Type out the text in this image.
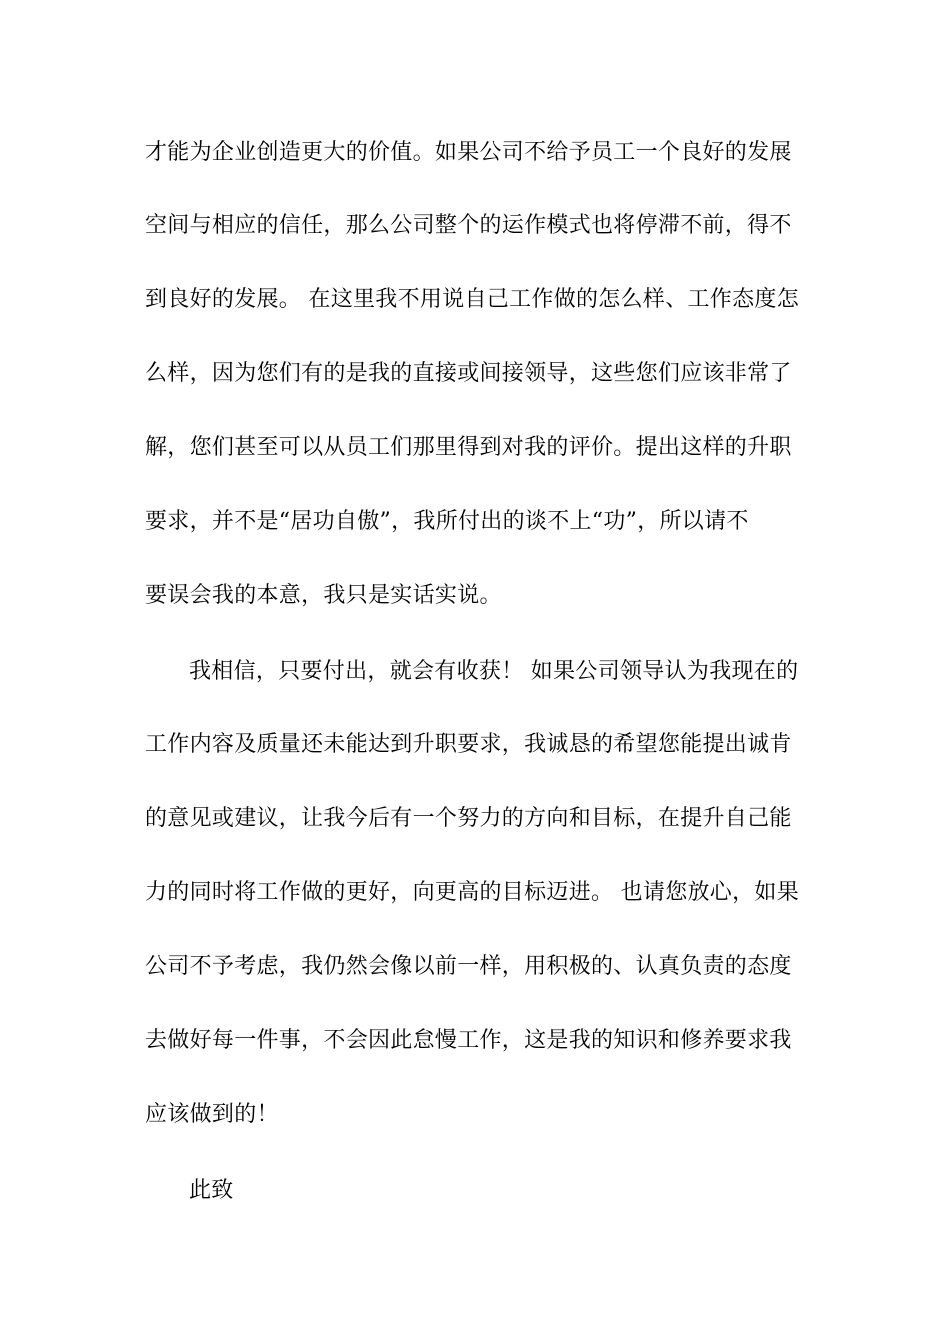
才能为企业创造更大的价值。如果公司不给予员工一个良好的发展
空间与相应的信任，那么公司整个的运作模式也将停滞不前，得不
到良好的发展。 在这里我不用说自己工作做的怎么样、工作态度怎
么样，因为您们有的是我的直接或间接领导，这些您们应该非常了
解，您们甚至可以从员工们那里得到对我的评价。提出这样的升职
要求，并不是“居功自傲”，我所付出的谈不上“功”，所以请不
要误会我的本意，我只是实话实说。
我相信，只要付出，就会有收获！ 如果公司领导认为我现在的
工作内容及质量还未能达到升职要求，我诚恳的希望您能提出诚肯
的意见或建议，让我今后有一个努力的方向和目标，在提升自己能
力的同时将工作做的更好，向更高的目标迈进。 也请您放心，如果
公司不予考虑，我仍然会像以前一样，用积极的、认真负责的态度
去做好每一件事，不会因此怠慢工作，这是我的知识和修养要求我
应该做到的！
此致
